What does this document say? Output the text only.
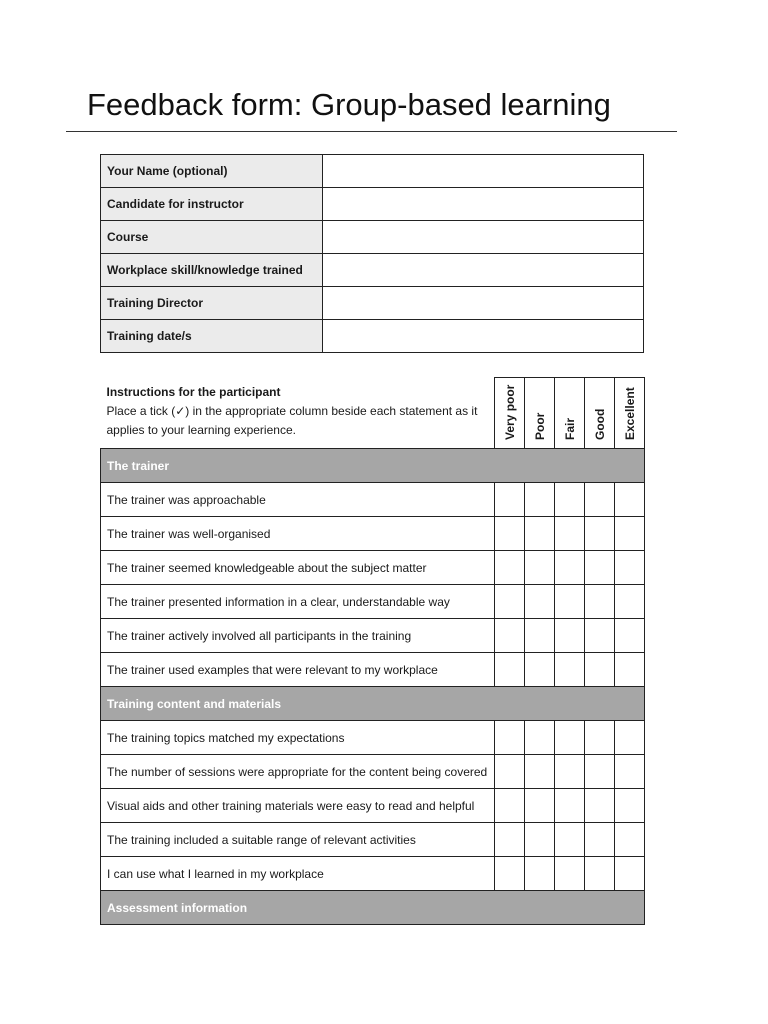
Feedback form: Group-based learning
Your Name (optional)	
Candidate for instructor	
Course	
Workplace skill/knowledge trained	
Training Director	
Training date/s	
Instructions for the participant
Place a tick (✓) in the appropriate column beside each statement as it applies to your learning experience.	Very poor	Poor	Fair	Good	Excellent

The trainer					
The trainer was approachable					
The trainer was well-organised					
The trainer seemed knowledgeable about the subject matter					
The trainer presented information in a clear, understandable way					
The trainer actively involved all participants in the training					
The trainer used examples that were relevant to my workplace					
Training content and materials					
The training topics matched my expectations					
The number of sessions were appropriate for the content being covered					
Visual aids and other training materials were easy to read and helpful					
The training included a suitable range of relevant activities					
I can use what I learned in my workplace					
Assessment information					
